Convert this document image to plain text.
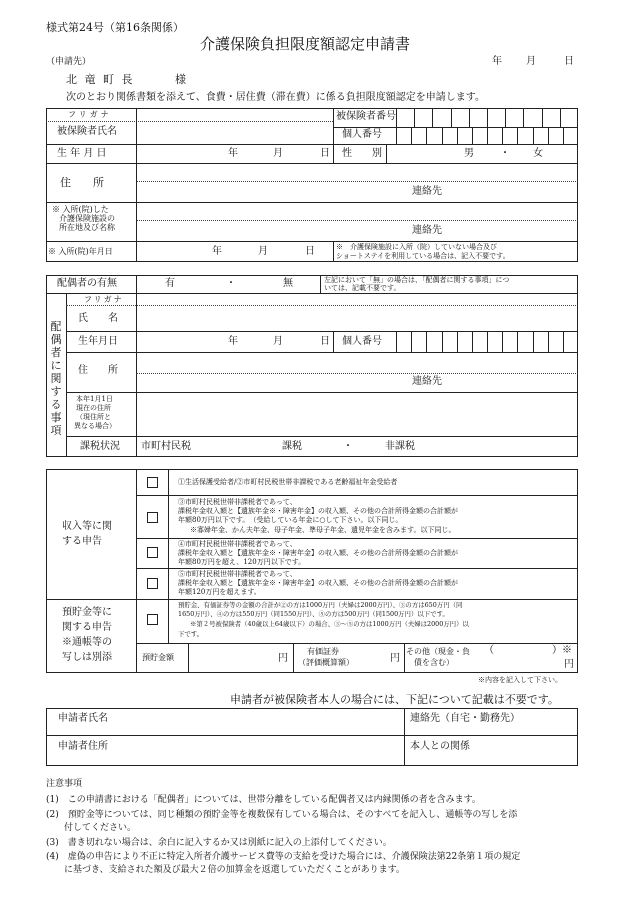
様式第24号（第16条関係）
介護保険負担限度額認定申請書
（申請先）	年 月	日
北 竜 町 長	様
次のとおり関係書類を添えて、食費・居住費（滞在費）に係る負担限度額認定を申請します。
フリガナ
被保険者氏名
被保険者番号
個人番号
生 年 月 日	年	月	日 性　　別	男	・ 女
住　　所
連絡先
※ 入所(院)した
介護保険施設の
所在地及び名称	連絡先
※ 入所(院)年月日	年	月	日	※　介護保険施設に入所（院）していない場合及び
ショートステイを利用している場合は、記入不要です。
配偶者の有無	有	・	無	左記において「無」の場合は、「配偶者に関する事項」につ
いては、記載不要です。
配偶者に関する事項
フリガナ
氏　　名
生年月日	年	月	日 個人番号
住　　所
連絡先
本年1月1日
現在の住所
（現住所と
異なる場合）
課税状況 市町村民税	課税	・	非課税
収入等に関
する申告
①生活保護受給者/②市町村民税世帯非課税である老齢福祉年金受給者
③市町村民税世帯非課税者であって、
課税年金収入額と【遺族年金※・障害年金】の収入額、その他の合計所得金額の合計額が
年額80万円以下です。　（受給している年金に○して下さい。以下同じ。
※寡婦年金、かん夫年金、母子年金、準母子年金、遺児年金を含みます。以下同じ。
④市町村民税世帯非課税者であって、
課税年金収入額と【遺族年金※・障害年金】の収入額、その他の合計所得金額の合計額が
年額80万円を超え、120万円以下です。
⑤市町村民税世帯非課税者であって、
課税年金収入額と【遺族年金※・障害年金】の収入額、その他の合計所得金額の合計額が
年額120万円を超えます。
預貯金等に
関する申告
※通帳等の
写しは別添
預貯金、有価証券等の金額の合計が②の方は1000万円（夫婦は2000万円）、③の方は650万円（同
1650万円）、④の方は550万円（同1550万円）、⑤の方は500万円（同1500万円）以下です。
※第２号被保険者（40歳以上64歳以下）の場合、③～⑤の方は1000万円（夫婦は2000万円）以
下です。
預貯金額	円
有価証券
（評価概算額）	円
その他（現金・負
債を含む）
（	）※
円
※内容を記入して下さい。
申請者が被保険者本人の場合には、下記について記載は不要です。
申請者氏名	連絡先（自宅・勤務先）
申請者住所	本人との関係
注意事項
(1)　この申請書における「配偶者」については、世帯分離をしている配偶者又は内縁関係の者を含みます。
(2)　預貯金等については、同じ種類の預貯金等を複数保有している場合は、そのすべてを記入し、通帳等の写しを添
　　付してください。
(3)　書き切れない場合は、余白に記入するか又は別紙に記入の上添付してください。
(4)　虚偽の申告により不正に特定入所者介護サービス費等の支給を受けた場合には、介護保険法第22条第１項の規定
　　に基づき、支給された額及び最大２倍の加算金を返還していただくことがあります。
